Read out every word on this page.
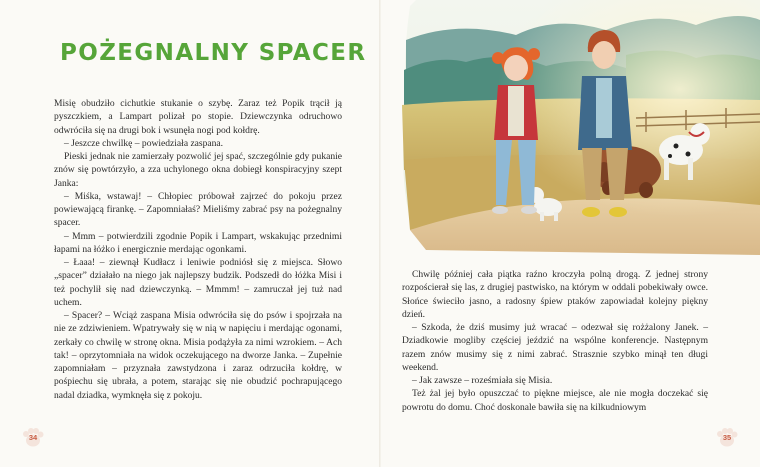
POŻEGNALNY SPACER

Misię obudziło cichutkie stukanie o szybę. Zaraz też Popik trącił ją pyszczkiem, a Lampart polizał po stopie. Dziewczynka odruchowo odwróciła się na drugi bok i wsunęła nogi pod kołdrę.

– Jeszcze chwilkę – powiedziała zaspana.

Pieski jednak nie zamierzały pozwolić jej spać, szczególnie gdy pukanie znów się powtórzyło, a zza uchylonego okna dobiegł konspiracyjny szept Janka:

– Miśka, wstawaj! – Chłopiec próbował zajrzeć do pokoju przez powiewającą firankę. – Zapomniałaś? Mieliśmy zabrać psy na pożegnalny spacer.

– Mmm – potwierdzili zgodnie Popik i Lampart, wskakując przednimi łapami na łóżko i energicznie merdając ogonkami.

– Łaaa! – ziewnął Kudłacz i leniwie podniósł się z miejsca. Słowo „spacer” działało na niego jak najlepszy budzik. Podszedł do łóżka Misi i też pochylił się nad dziewczynką. – Mmmm! – zamruczał jej tuż nad uchem.

– Spacer? – Wciąż zaspana Misia odwróciła się do psów i spojrzała na nie ze zdziwieniem. Wpatrywały się w nią w napięciu i merdając ogonami, zerkały co chwilę w stronę okna. Misia podążyła za nimi wzrokiem. – Ach tak! – oprzytomniała na widok oczekującego na dworze Janka. – Zupełnie zapomniałam – przyznała zawstydzona i zaraz odrzuciła kołdrę, w pośpiechu się ubrała, a potem, starając się nie obudzić pochrapującego nadal dziadka, wymknęła się z pokoju.

34

Chwilę później cała piątka raźno kroczyła polną drogą. Z jednej strony rozpościerał się las, z drugiej pastwisko, na którym w oddali pobekiwały owce. Słońce świeciło jasno, a radosny śpiew ptaków zapowiadał kolejny piękny dzień.

– Szkoda, że dziś musimy już wracać – odezwał się rożżalony Janek. – Dziadkowie mogliby częściej jeździć na wspólne konferencje. Następnym razem znów musimy się z nimi zabrać. Strasznie szybko minął ten długi weekend.

– Jak zawsze – roześmiała się Misia.

Też żal jej było opuszczać to piękne miejsce, ale nie mogła doczekać się powrotu do domu. Choć doskonale bawiła się na kilkudniowym

35
